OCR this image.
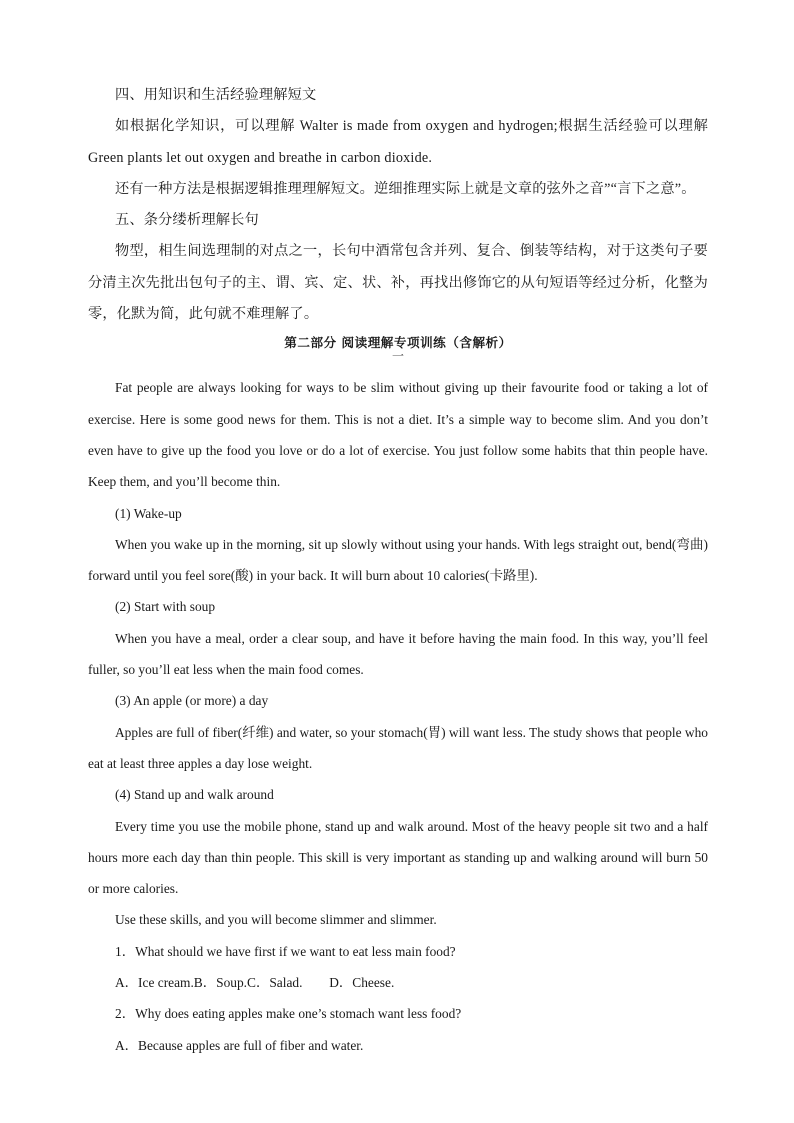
四、用知识和生活经验理解短文

如根据化学知识，可以理解 Walter is made from oxygen and hydrogen;根据生活经验可以理解 Green plants let out oxygen and breathe in carbon dioxide.

还有一种方法是根据逻辑推理理解短文。逆细推理实际上就是文章的弦外之音”“言下之意”。

五、条分缕析理解长句

物型，相生间选理制的对点之一，长句中酒常包含并列、复合、倒装等结构，对于这类句子要分清主次先批出包句子的主、谓、宾、定、状、补，再找出修饰它的从句短语等经过分析，化整为零，化默为简，此句就不难理解了。

第二部分 阅读理解专项训练（含解析）

一

Fat people are always looking for ways to be slim without giving up their favourite food or taking a lot of exercise. Here is some good news for them. This is not a diet. It’s a simple way to become slim. And you don’t even have to give up the food you love or do a lot of exercise. You just follow some habits that thin people have. Keep them, and you’ll become thin.

(1) Wake-up

When you wake up in the morning, sit up slowly without using your hands. With legs straight out, bend(弯曲) forward until you feel sore(酸) in your back. It will burn about 10 calories(卡路里).

(2) Start with soup

When you have a meal, order a clear soup, and have it before having the main food. In this way, you’ll feel fuller, so you’ll eat less when the main food comes.

(3) An apple (or more) a day

Apples are full of fiber(纤维) and water, so your stomach(胃) will want less. The study shows that people who eat at least three apples a day lose weight.

(4) Stand up and walk around

Every time you use the mobile phone, stand up and walk around. Most of the heavy people sit two and a half hours more each day than thin people. This skill is very important as standing up and walking around will burn 50 or more calories.

Use these skills, and you will become slimmer and slimmer.

1．What should we have first if we want to eat less main food?

A．Ice cream.B．Soup.C．Salad.        D．Cheese.

2．Why does eating apples make one’s stomach want less food?

A．Because apples are full of fiber and water.
